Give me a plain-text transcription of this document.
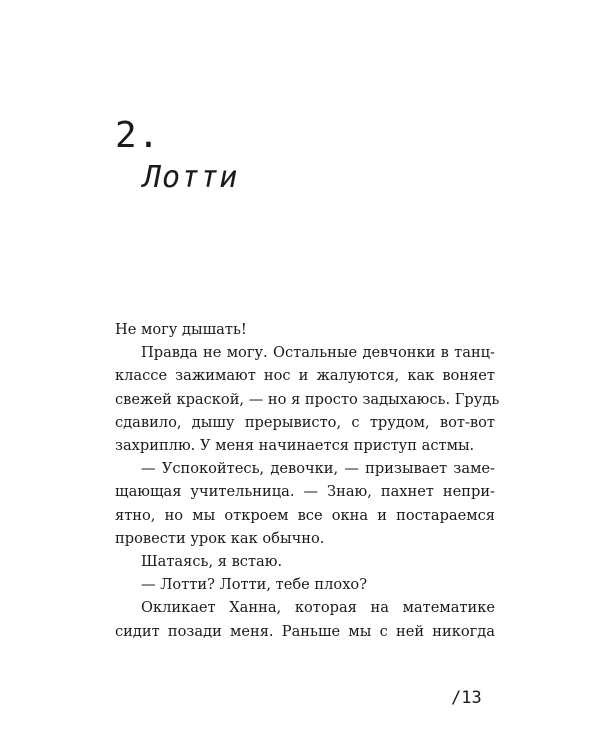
2.
Лотти
Не могу дышать!
Правда не могу. Остальные девчонки в танц-
классе зажимают нос и жалуются, как воняет
свежей краской, — но я просто задыхаюсь. Грудь
сдавило, дышу прерывисто, с трудом, вот-вот
захриплю. У меня начинается приступ астмы.
— Успокойтесь, девочки, — призывает заме-
щающая учительница. — Знаю, пахнет непри-
ятно, но мы откроем все окна и постараемся
провести урок как обычно.
Шатаясь, я встаю.
— Лотти? Лотти, тебе плохо?
Окликает Ханна, которая на математике
сидит позади меня. Раньше мы с ней никогда
/13
